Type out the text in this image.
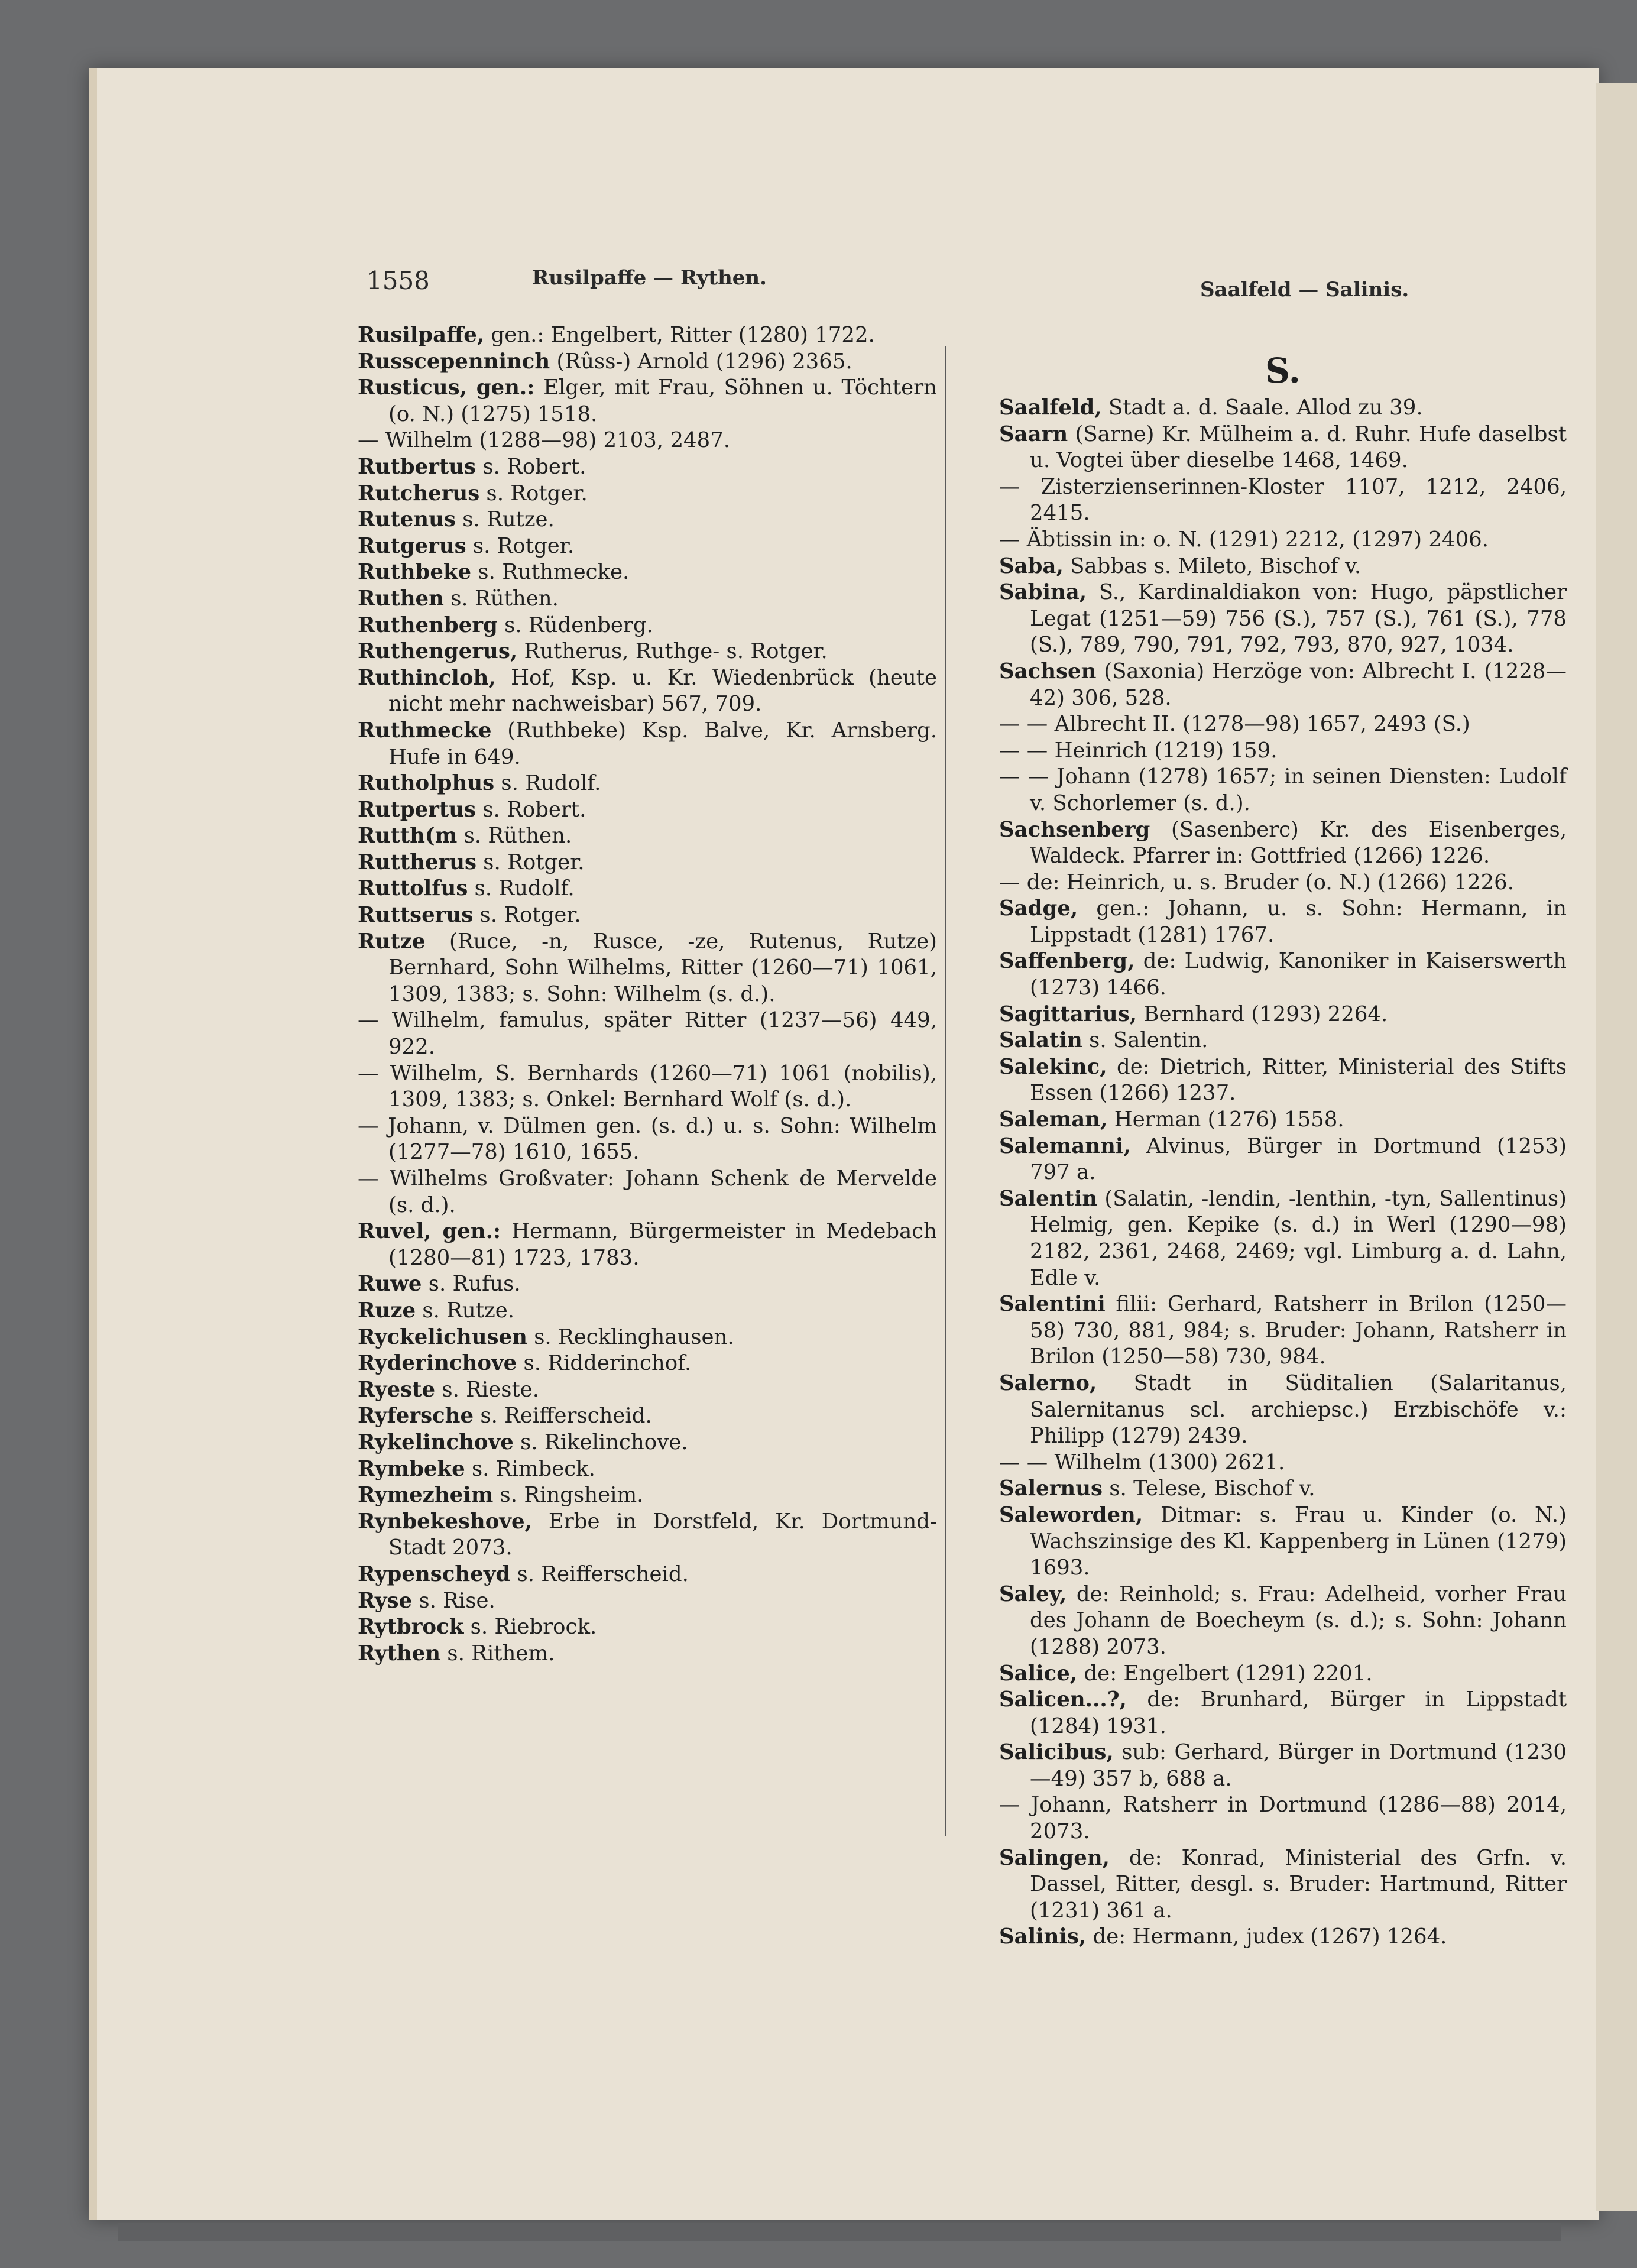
1558	Rusilpaffe — Rythen.	Saalfeld — Salinis.

Rusilpaffe, gen.: Engelbert, Ritter (1280) 1722.

Russcepenninch (Rûss-) Arnold (1296) 2365.

Rusticus, gen.: Elger, mit Frau, Söhnen u. Töchtern (o. N.) (1275) 1518.

— Wilhelm (1288—98) 2103, 2487.

Rutbertus s. Robert.

Rutcherus s. Rotger.

Rutenus s. Rutze.

Rutgerus s. Rotger.

Ruthbeke s. Ruthmecke.

Ruthen s. Rüthen.

Ruthenberg s. Rüdenberg.

Ruthengerus, Rutherus, Ruthge- s. Rotger.

Ruthincloh, Hof, Ksp. u. Kr. Wiedenbrück (heute nicht mehr nachweisbar) 567, 709.

Ruthmecke (Ruthbeke) Ksp. Balve, Kr. Arnsberg. Hufe in 649.

Rutholphus s. Rudolf.

Rutpertus s. Robert.

Rutth(m s. Rüthen.

Ruttherus s. Rotger.

Ruttolfus s. Rudolf.

Ruttserus s. Rotger.

Rutze (Ruce, -n, Rusce, -ze, Rutenus, Rutze) Bernhard, Sohn Wilhelms, Ritter (1260—71) 1061, 1309, 1383; s. Sohn: Wilhelm (s. d.).

— Wilhelm, famulus, später Ritter (1237—56) 449, 922.

— Wilhelm, S. Bernhards (1260—71) 1061 (nobilis), 1309, 1383; s. Onkel: Bernhard Wolf (s. d.).

— Johann, v. Dülmen gen. (s. d.) u. s. Sohn: Wilhelm (1277—78) 1610, 1655.

— Wilhelms Großvater: Johann Schenk de Mervelde (s. d.).

Ruvel, gen.: Hermann, Bürgermeister in Medebach (1280—81) 1723, 1783.

Ruwe s. Rufus.

Ruze s. Rutze.

Ryckelichusen s. Recklinghausen.

Ryderinchove s. Ridderinchof.

Ryeste s. Rieste.

Ryfersche s. Reifferscheid.

Rykelinchove s. Rikelinchove.

Rymbeke s. Rimbeck.

Rymezheim s. Ringsheim.

Rynbekeshove, Erbe in Dorstfeld, Kr. Dortmund-Stadt 2073.

Rypenscheyd s. Reifferscheid.

Ryse s. Rise.

Rytbrock s. Riebrock.

Rythen s. Rithem.

S.

Saalfeld, Stadt a. d. Saale. Allod zu 39.

Saarn (Sarne) Kr. Mülheim a. d. Ruhr. Hufe daselbst u. Vogtei über dieselbe 1468, 1469.

— Zisterzienserinnen-Kloster 1107, 1212, 2406, 2415.

— Äbtissin in: o. N. (1291) 2212, (1297) 2406.

Saba, Sabbas s. Mileto, Bischof v.

Sabina, S., Kardinaldiakon von: Hugo, päpstlicher Legat (1251—59) 756 (S.), 757 (S.), 761 (S.), 778 (S.), 789, 790, 791, 792, 793, 870, 927, 1034.

Sachsen (Saxonia) Herzöge von: Albrecht I. (1228—42) 306, 528.

— — Albrecht II. (1278—98) 1657, 2493 (S.)

— — Heinrich (1219) 159.

— — Johann (1278) 1657; in seinen Diensten: Ludolf v. Schorlemer (s. d.).

Sachsenberg (Sasenberc) Kr. des Eisenberges, Waldeck. Pfarrer in: Gottfried (1266) 1226.

— de: Heinrich, u. s. Bruder (o. N.) (1266) 1226.

Sadge, gen.: Johann, u. s. Sohn: Hermann, in Lippstadt (1281) 1767.

Saffenberg, de: Ludwig, Kanoniker in Kaiserswerth (1273) 1466.

Sagittarius, Bernhard (1293) 2264.

Salatin s. Salentin.

Salekinc, de: Dietrich, Ritter, Ministerial des Stifts Essen (1266) 1237.

Saleman, Herman (1276) 1558.

Salemanni, Alvinus, Bürger in Dortmund (1253) 797 a.

Salentin (Salatin, -lendin, -lenthin, -tyn, Sallentinus) Helmig, gen. Kepike (s. d.) in Werl (1290—98) 2182, 2361, 2468, 2469; vgl. Limburg a. d. Lahn, Edle v.

Salentini filii: Gerhard, Ratsherr in Brilon (1250—58) 730, 881, 984; s. Bruder: Johann, Ratsherr in Brilon (1250—58) 730, 984.

Salerno, Stadt in Süditalien (Salaritanus, Salernitanus scl. archiepsc.) Erzbischöfe v.: Philipp (1279) 2439.

— — Wilhelm (1300) 2621.

Salernus s. Telese, Bischof v.

Saleworden, Ditmar: s. Frau u. Kinder (o. N.) Wachszinsige des Kl. Kappenberg in Lünen (1279) 1693.

Saley, de: Reinhold; s. Frau: Adelheid, vorher Frau des Johann de Boecheym (s. d.); s. Sohn: Johann (1288) 2073.

Salice, de: Engelbert (1291) 2201.

Salicen...?, de: Brunhard, Bürger in Lippstadt (1284) 1931.

Salicibus, sub: Gerhard, Bürger in Dortmund (1230—49) 357 b, 688 a.

— Johann, Ratsherr in Dortmund (1286—88) 2014, 2073.

Salingen, de: Konrad, Ministerial des Grfn. v. Dassel, Ritter, desgl. s. Bruder: Hartmund, Ritter (1231) 361 a.

Salinis, de: Hermann, judex (1267) 1264.
